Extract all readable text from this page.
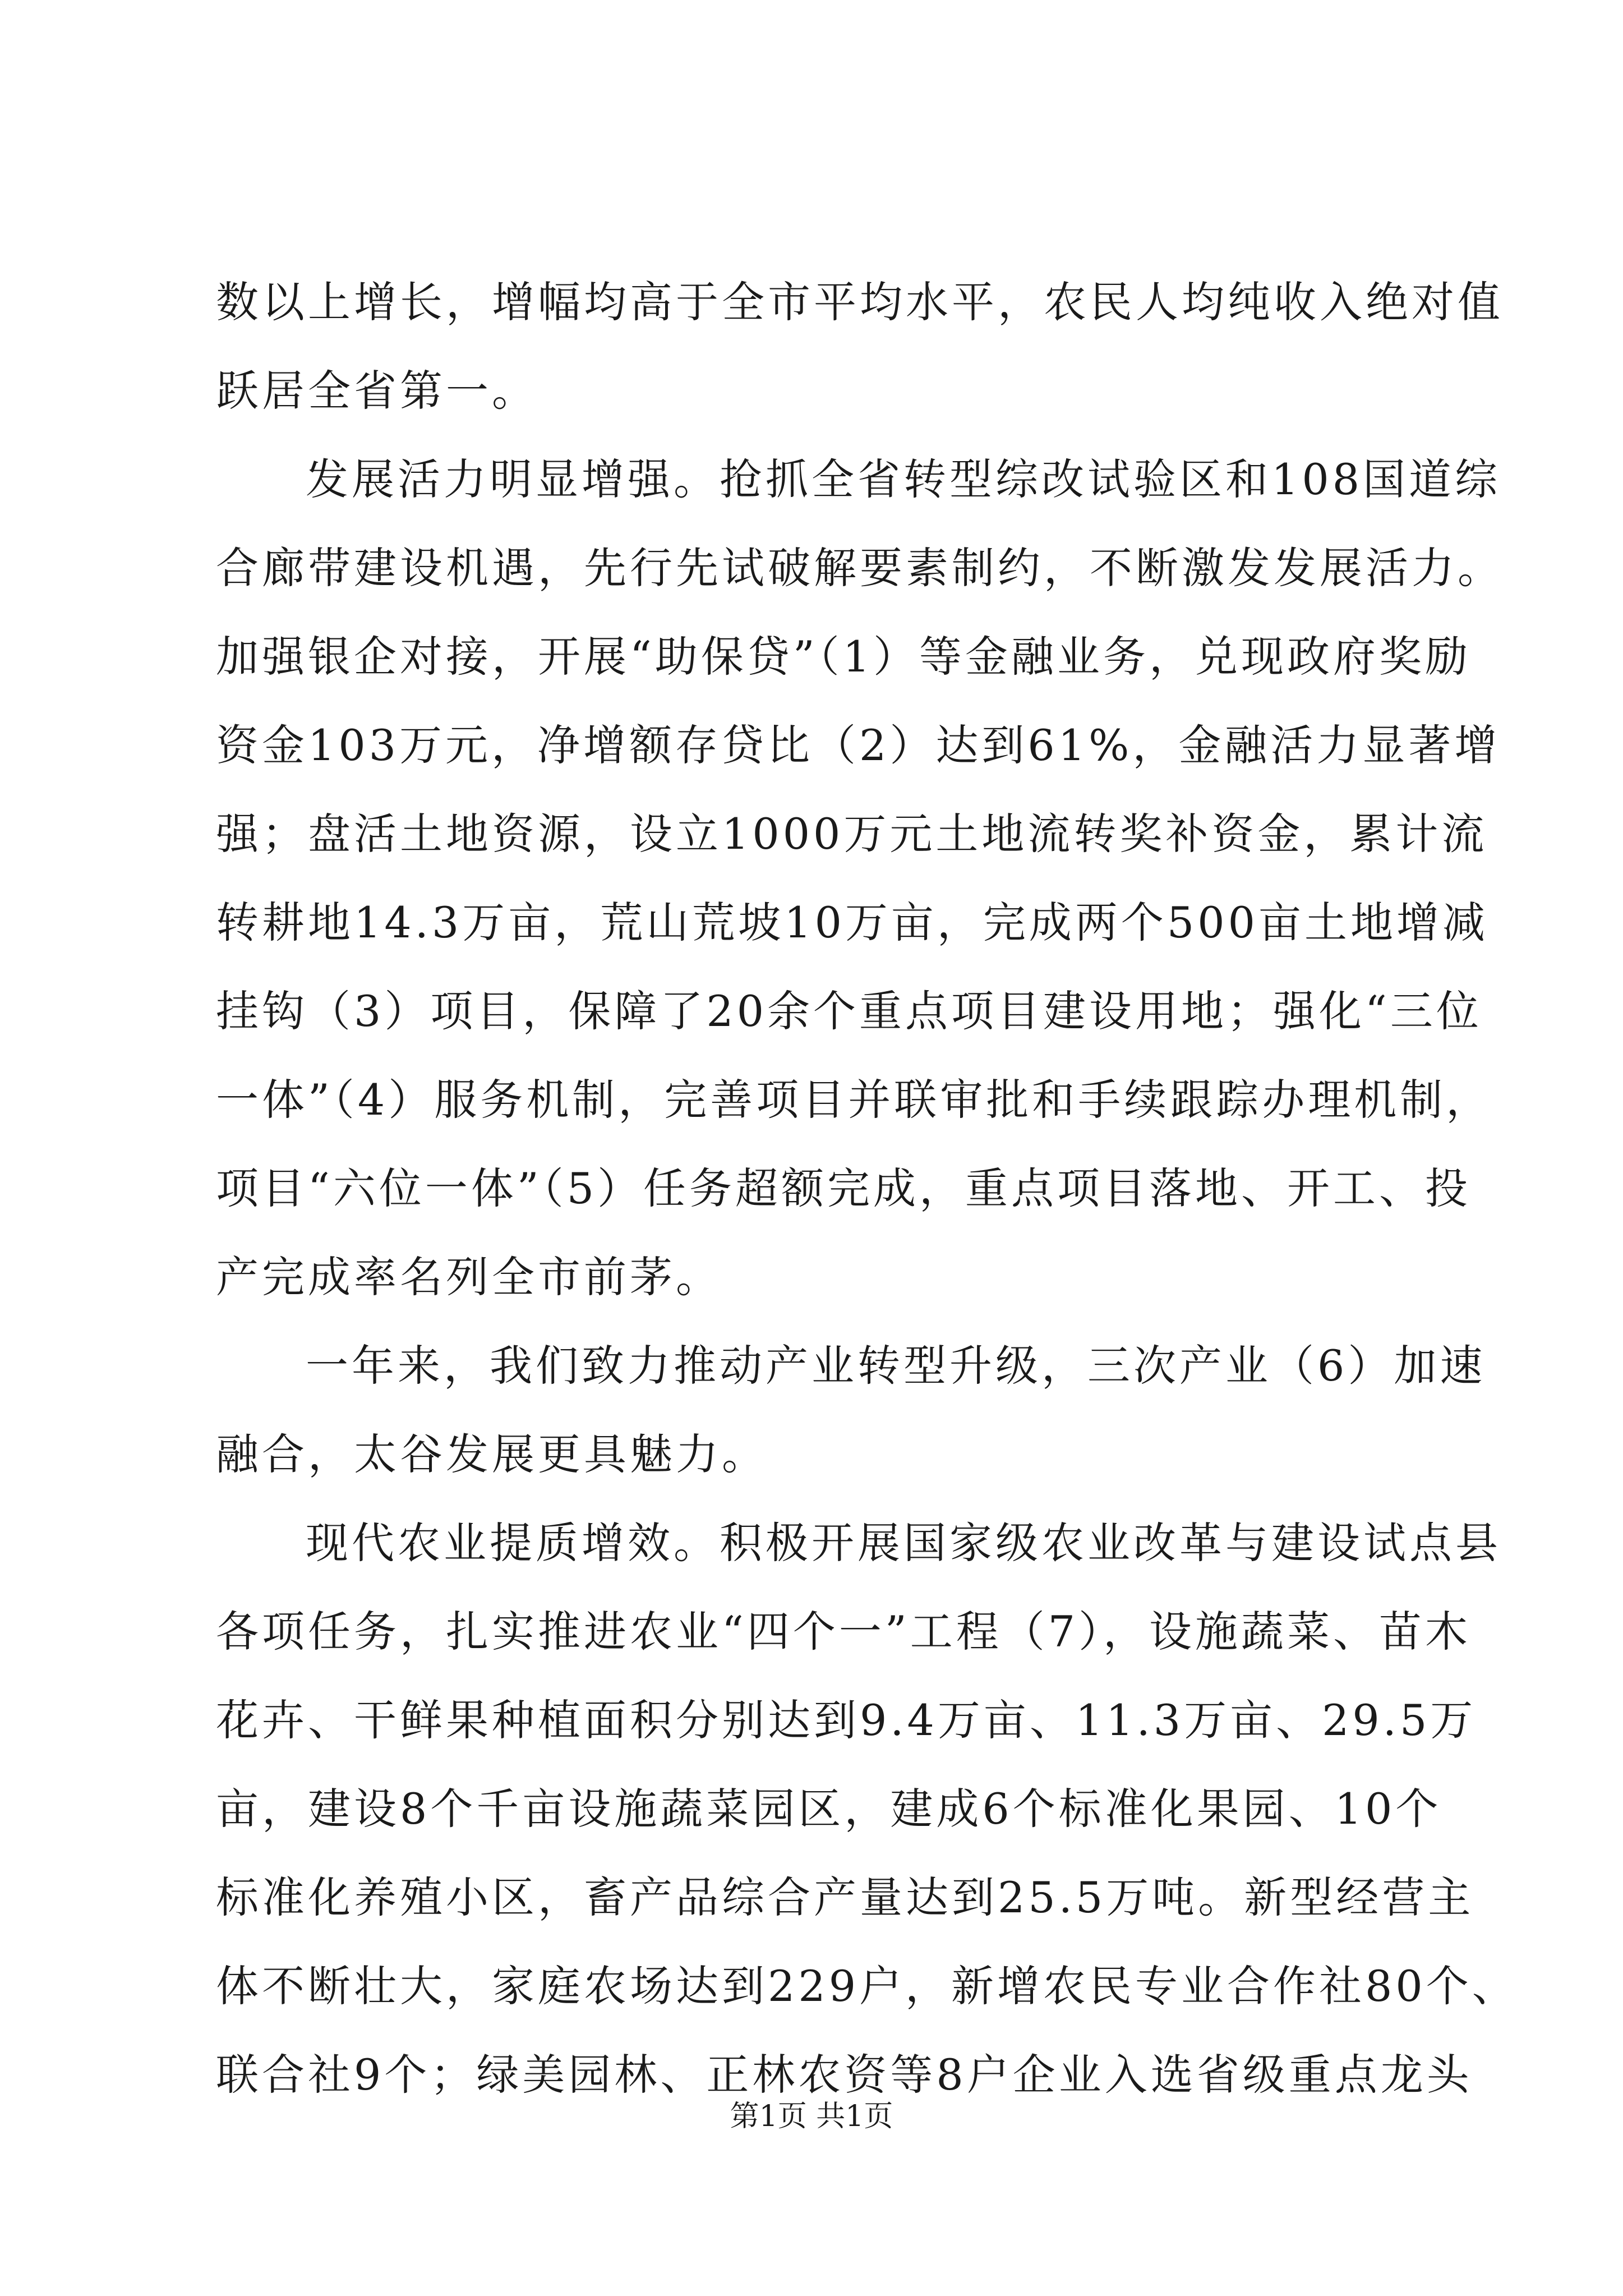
数以上增长，增幅均高于全市平均水平，农民人均纯收入绝对值
跃居全省第一。
发展活力明显增强。抢抓全省转型综改试验区和108国道综
合廊带建设机遇，先行先试破解要素制约，不断激发发展活力。
加强银企对接，开展“助保贷”（1）等金融业务，兑现政府奖励
资金103万元，净增额存贷比（2）达到61%，金融活力显著增
强；盘活土地资源，设立1000万元土地流转奖补资金，累计流
转耕地14.3万亩，荒山荒坡10万亩，完成两个500亩土地增减
挂钩（3）项目，保障了20余个重点项目建设用地；强化“三位
一体”（4）服务机制，完善项目并联审批和手续跟踪办理机制，
项目“六位一体”（5）任务超额完成，重点项目落地、开工、投
产完成率名列全市前茅。
一年来，我们致力推动产业转型升级，三次产业（6）加速
融合，太谷发展更具魅力。
现代农业提质增效。积极开展国家级农业改革与建设试点县
各项任务，扎实推进农业“四个一”工程（7），设施蔬菜、苗木
花卉、干鲜果种植面积分别达到9.4万亩、11.3万亩、29.5万
亩，建设8个千亩设施蔬菜园区，建成6个标准化果园、10个
标准化养殖小区，畜产品综合产量达到25.5万吨。新型经营主
体不断壮大，家庭农场达到229户，新增农民专业合作社80个、
联合社9个；绿美园林、正林农资等8户企业入选省级重点龙头
第1页 共1页
